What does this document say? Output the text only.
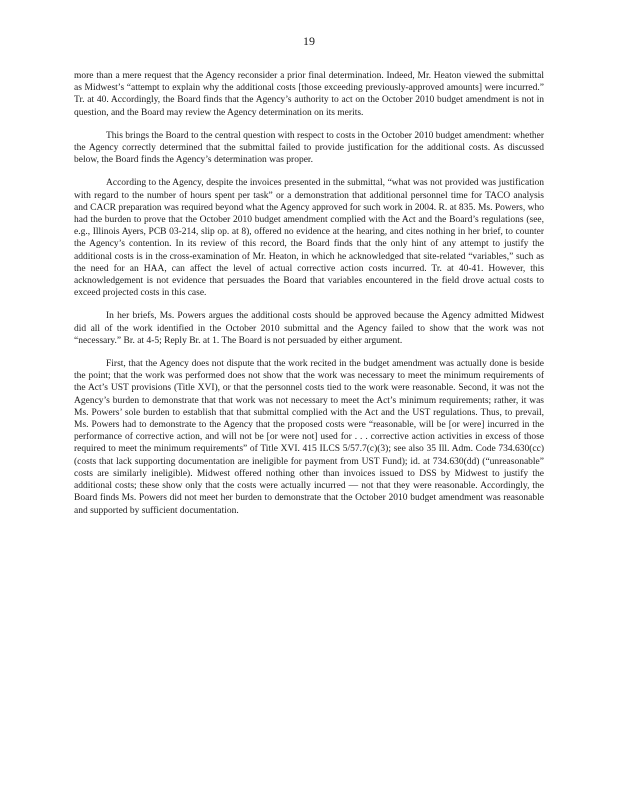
19

more than a mere request that the Agency reconsider a prior final determination. Indeed, Mr. Heaton viewed the submittal as Midwest’s “attempt to explain why the additional costs [those exceeding previously-approved amounts] were incurred.” Tr. at 40. Accordingly, the Board finds that the Agency’s authority to act on the October 2010 budget amendment is not in question, and the Board may review the Agency determination on its merits.

This brings the Board to the central question with respect to costs in the October 2010 budget amendment: whether the Agency correctly determined that the submittal failed to provide justification for the additional costs. As discussed below, the Board finds the Agency’s determination was proper.

According to the Agency, despite the invoices presented in the submittal, “what was not provided was justification with regard to the number of hours spent per task” or a demonstration that additional personnel time for TACO analysis and CACR preparation was required beyond what the Agency approved for such work in 2004. R. at 835. Ms. Powers, who had the burden to prove that the October 2010 budget amendment complied with the Act and the Board’s regulations (see, e.g., Illinois Ayers, PCB 03-214, slip op. at 8), offered no evidence at the hearing, and cites nothing in her brief, to counter the Agency’s contention. In its review of this record, the Board finds that the only hint of any attempt to justify the additional costs is in the cross-examination of Mr. Heaton, in which he acknowledged that site-related “variables,” such as the need for an HAA, can affect the level of actual corrective action costs incurred. Tr. at 40-41. However, this acknowledgement is not evidence that persuades the Board that variables encountered in the field drove actual costs to exceed projected costs in this case.

In her briefs, Ms. Powers argues the additional costs should be approved because the Agency admitted Midwest did all of the work identified in the October 2010 submittal and the Agency failed to show that the work was not “necessary.” Br. at 4-5; Reply Br. at 1. The Board is not persuaded by either argument.

First, that the Agency does not dispute that the work recited in the budget amendment was actually done is beside the point; that the work was performed does not show that the work was necessary to meet the minimum requirements of the Act’s UST provisions (Title XVI), or that the personnel costs tied to the work were reasonable. Second, it was not the Agency’s burden to demonstrate that that work was not necessary to meet the Act’s minimum requirements; rather, it was Ms. Powers’ sole burden to establish that that submittal complied with the Act and the UST regulations. Thus, to prevail, Ms. Powers had to demonstrate to the Agency that the proposed costs were “reasonable, will be [or were] incurred in the performance of corrective action, and will not be [or were not] used for . . . corrective action activities in excess of those required to meet the minimum requirements” of Title XVI. 415 ILCS 5/57.7(c)(3); see also 35 Ill. Adm. Code 734.630(cc) (costs that lack supporting documentation are ineligible for payment from UST Fund); id. at 734.630(dd) (“unreasonable” costs are similarly ineligible). Midwest offered nothing other than invoices issued to DSS by Midwest to justify the additional costs; these show only that the costs were actually incurred — not that they were reasonable. Accordingly, the Board finds Ms. Powers did not meet her burden to demonstrate that the October 2010 budget amendment was reasonable and supported by sufficient documentation.
